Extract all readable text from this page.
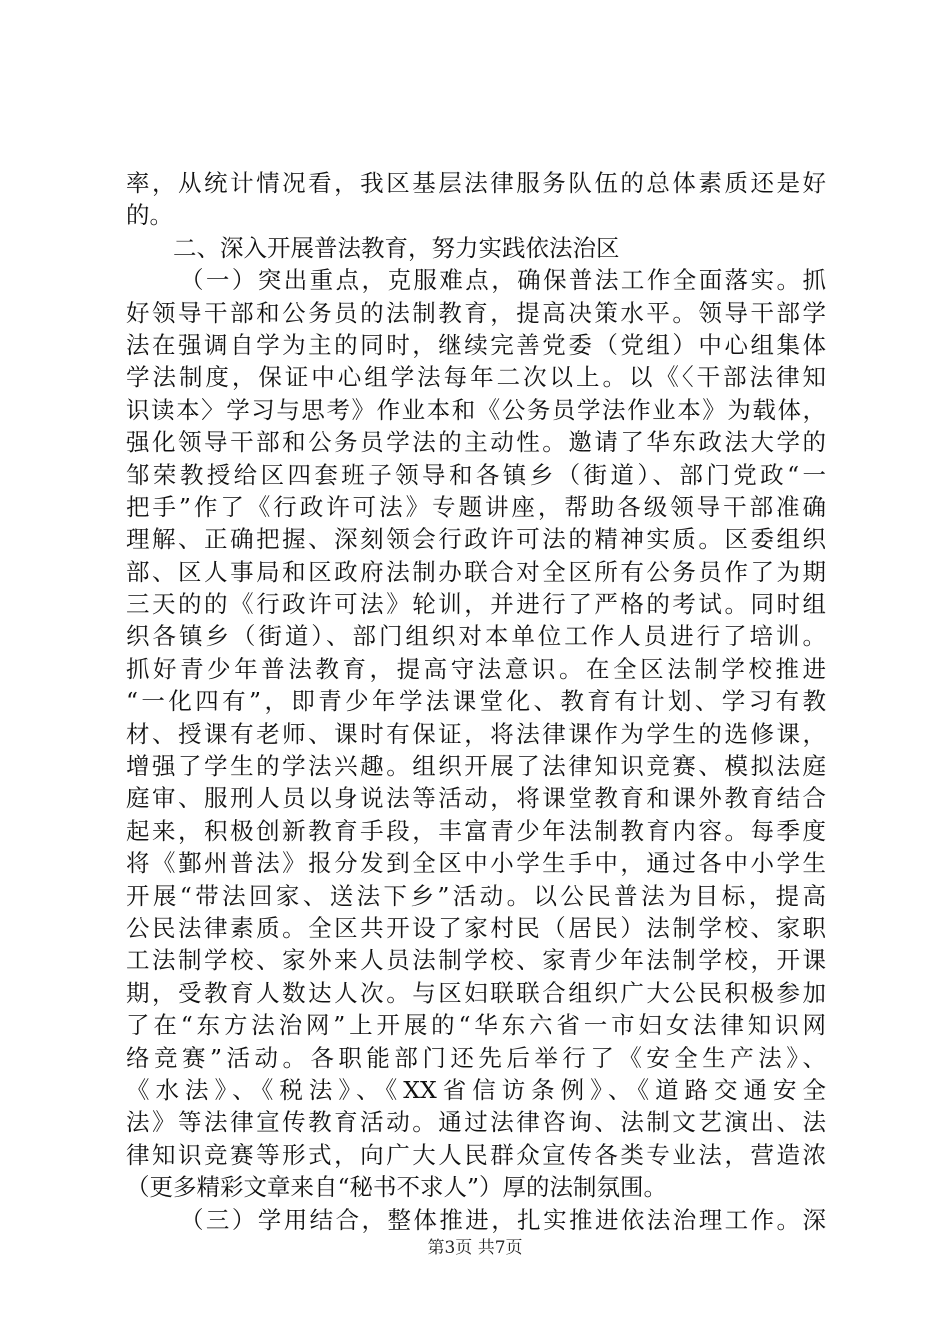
率，从统计情况看，我区基层法律服务队伍的总体素质还是好
的。
二、深入开展普法教育，努力实践依法治区
（一）突出重点，克服难点，确保普法工作全面落实。抓
好领导干部和公务员的法制教育，提高决策水平。领导干部学
法在强调自学为主的同时，继续完善党委（党组）中心组集体
学法制度，保证中心组学法每年二次以上。以《〈干部法律知
识读本〉学习与思考》作业本和《公务员学法作业本》为载体，
强化领导干部和公务员学法的主动性。邀请了华东政法大学的
邹荣教授给区四套班子领导和各镇乡（街道）、部门党政“一
把手”作了《行政许可法》专题讲座，帮助各级领导干部准确
理解、正确把握、深刻领会行政许可法的精神实质。区委组织
部、区人事局和区政府法制办联合对全区所有公务员作了为期
三天的的《行政许可法》轮训，并进行了严格的考试。同时组
织各镇乡（街道）、部门组织对本单位工作人员进行了培训。
抓好青少年普法教育，提高守法意识。在全区法制学校推进
“一化四有”，即青少年学法课堂化、教育有计划、学习有教
材、授课有老师、课时有保证，将法律课作为学生的选修课，
增强了学生的学法兴趣。组织开展了法律知识竞赛、模拟法庭
庭审、服刑人员以身说法等活动，将课堂教育和课外教育结合
起来，积极创新教育手段，丰富青少年法制教育内容。每季度
将《鄞州普法》报分发到全区中小学生手中，通过各中小学生
开展“带法回家、送法下乡”活动。以公民普法为目标，提高
公民法律素质。全区共开设了家村民（居民）法制学校、家职
工法制学校、家外来人员法制学校、家青少年法制学校，开课
期，受教育人数达人次。与区妇联联合组织广大公民积极参加
了在“东方法治网”上开展的“华东六省一市妇女法律知识网
络竞赛”活动。各职能部门还先后举行了《安全生产法》、
《水法》、《税法》、《XX省信访条例》、《道路交通安全
法》等法律宣传教育活动。通过法律咨询、法制文艺演出、法
律知识竞赛等形式，向广大人民群众宣传各类专业法，营造浓
（更多精彩文章来自“秘书不求人”）厚的法制氛围。
（三）学用结合，整体推进，扎实推进依法治理工作。深
第3页 共7页
